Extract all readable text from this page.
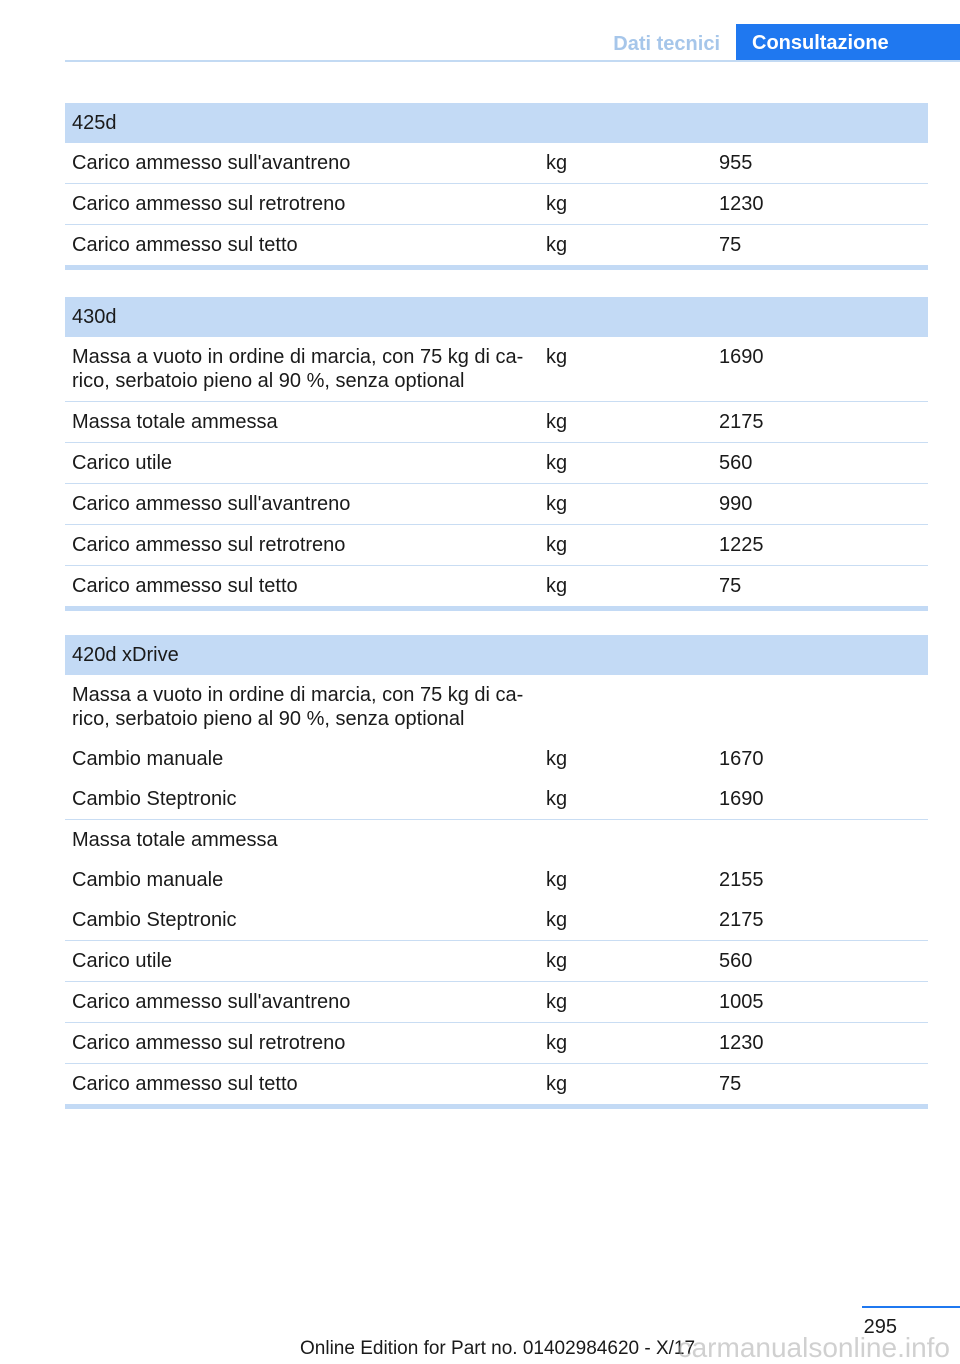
Dati tecnici	Consultazione
425d
Carico ammesso sull'avantreno	kg	955
Carico ammesso sul retrotreno	kg	1230
Carico ammesso sul tetto	kg	75
430d
Massa a vuoto in ordine di marcia, con 75 kg di ca-
rico, serbatoio pieno al 90 %, senza optional
kg	1690
Massa totale ammessa	kg	2175
Carico utile	kg	560
Carico ammesso sull'avantreno	kg	990
Carico ammesso sul retrotreno	kg	1225
Carico ammesso sul tetto	kg	75
420d xDrive
Massa a vuoto in ordine di marcia, con 75 kg di ca-
rico, serbatoio pieno al 90 %, senza optional
Cambio manuale	kg	1670
Cambio Steptronic	kg	1690
Massa totale ammessa
Cambio manuale	kg	2155
Cambio Steptronic	kg	2175
Carico utile	kg	560
Carico ammesso sull'avantreno	kg	1005
Carico ammesso sul retrotreno	kg	1230
Carico ammesso sul tetto	kg	75
295
Online Edition for Part no. 01402984620 - X/17
carmanualsonline.info
